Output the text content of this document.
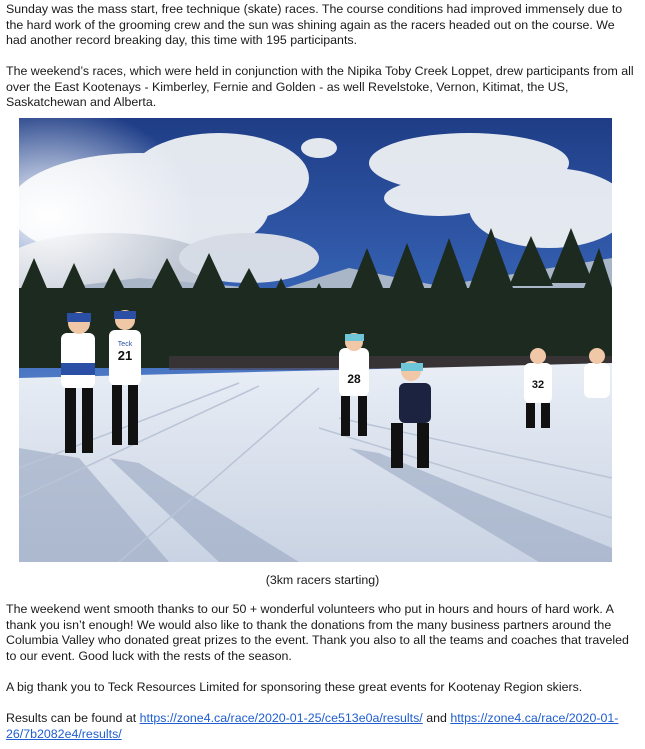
Sunday was the mass start, free technique (skate) races. The course conditions had improved immensely due to the hard work of the grooming crew and the sun was shining again as the racers headed out on the course. We had another record breaking day, this time with 195 participants.

The weekend’s races, which were held in conjunction with the Nipika Toby Creek Loppet, drew participants from all over the East Kootenays - Kimberley, Fernie and Golden - as well Revelstoke, Vernon, Kitimat, the US, Saskatchewan and Alberta.

21
Teck
28	32
(3km racers starting)

The weekend went smooth thanks to our 50 + wonderful volunteers who put in hours and hours of hard work. A thank you isn’t enough! We would also like to thank the donations from the many business partners around the Columbia Valley who donated great prizes to the event. Thank you also to all the teams and coaches that traveled to our event. Good luck with the rests of the season.

A big thank you to Teck Resources Limited for sponsoring these great events for Kootenay Region skiers.

Results can be found at https://zone4.ca/race/2020-01-25/ce513e0a/results/ and https://zone4.ca/race/2020-01-26/7b2082e4/results/
